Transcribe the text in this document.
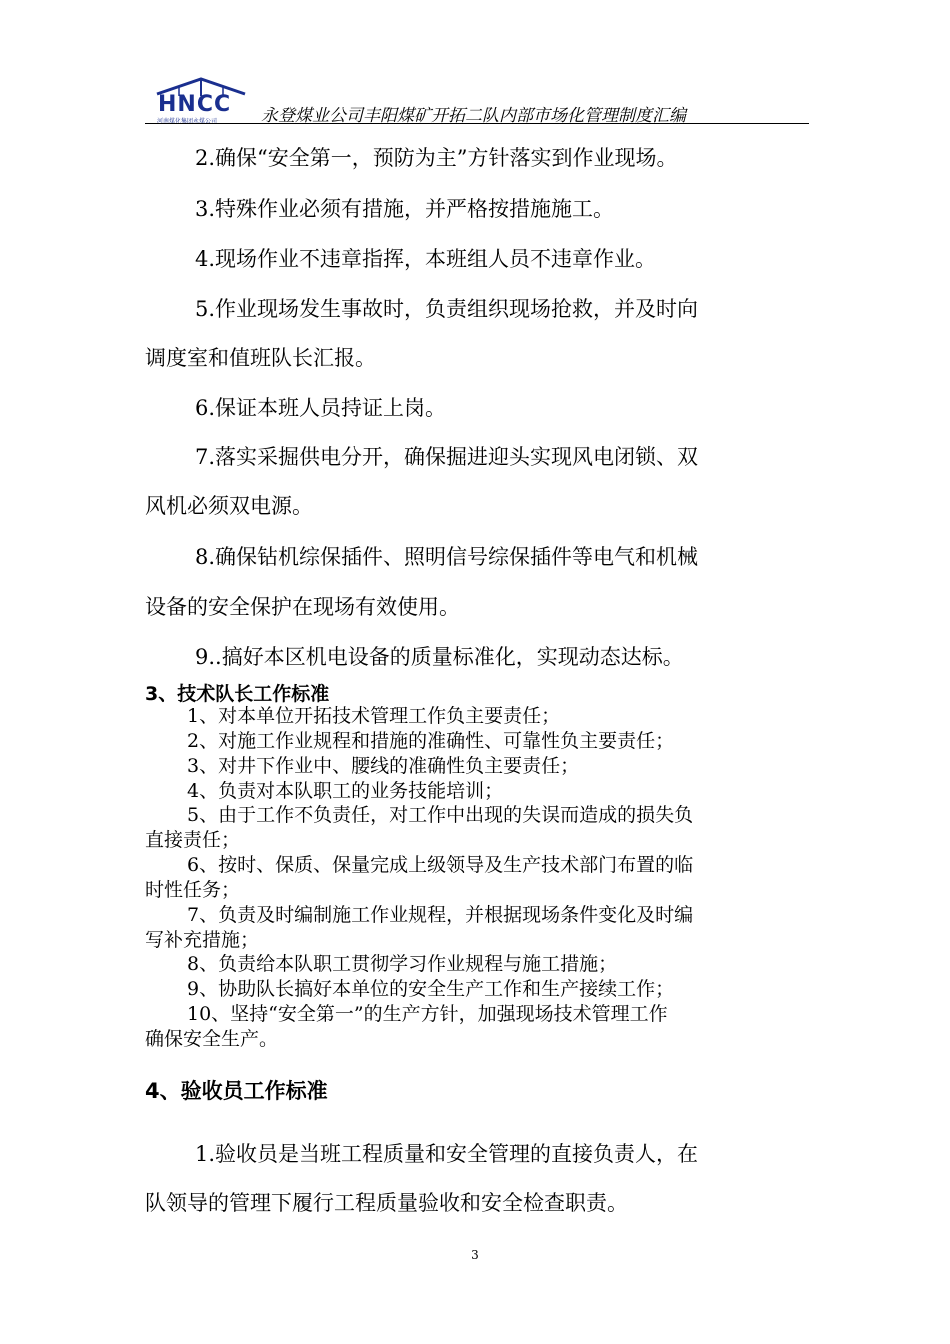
HNCC
河南煤化集团永煤公司	永登煤业公司丰阳煤矿开拓二队内部市场化管理制度汇编
2.确保“安全第一，预防为主”方针落实到作业现场。
3.特殊作业必须有措施，并严格按措施施工。
4.现场作业不违章指挥，本班组人员不违章作业。
5.作业现场发生事故时，负责组织现场抢救，并及时向
调度室和值班队长汇报。
6.保证本班人员持证上岗。
7.落实采掘供电分开，确保掘进迎头实现风电闭锁、双
风机必须双电源。
8.确保钻机综保插件、照明信号综保插件等电气和机械
设备的安全保护在现场有效使用。
9..搞好本区机电设备的质量标准化，实现动态达标。
3、技术队长工作标准
1、对本单位开拓技术管理工作负主要责任；
2、对施工作业规程和措施的准确性、可靠性负主要责任；
3、对井下作业中、腰线的准确性负主要责任；
4、负责对本队职工的业务技能培训；
5、由于工作不负责任，对工作中出现的失误而造成的损失负
直接责任；
6、按时、保质、保量完成上级领导及生产技术部门布置的临
时性任务；
7、负责及时编制施工作业规程，并根据现场条件变化及时编
写补充措施；
8、负责给本队职工贯彻学习作业规程与施工措施；
9、协助队长搞好本单位的安全生产工作和生产接续工作；
10、坚持“安全第一”的生产方针，加强现场技术管理工作
确保安全生产。
4、验收员工作标准
1.验收员是当班工程质量和安全管理的直接负责人，在
队领导的管理下履行工程质量验收和安全检查职责。
3
